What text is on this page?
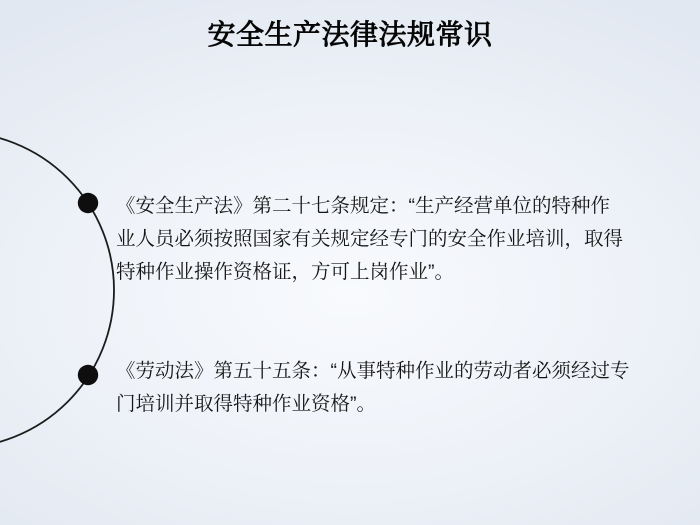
安全生产法律法规常识
《安全生产法》第二十七条规定：“生产经营单位的特种作
业人员必须按照国家有关规定经专门的安全作业培训，取得
特种作业操作资格证，方可上岗作业”。
《劳动法》第五十五条：“从事特种作业的劳动者必须经过专
门培训并取得特种作业资格”。
